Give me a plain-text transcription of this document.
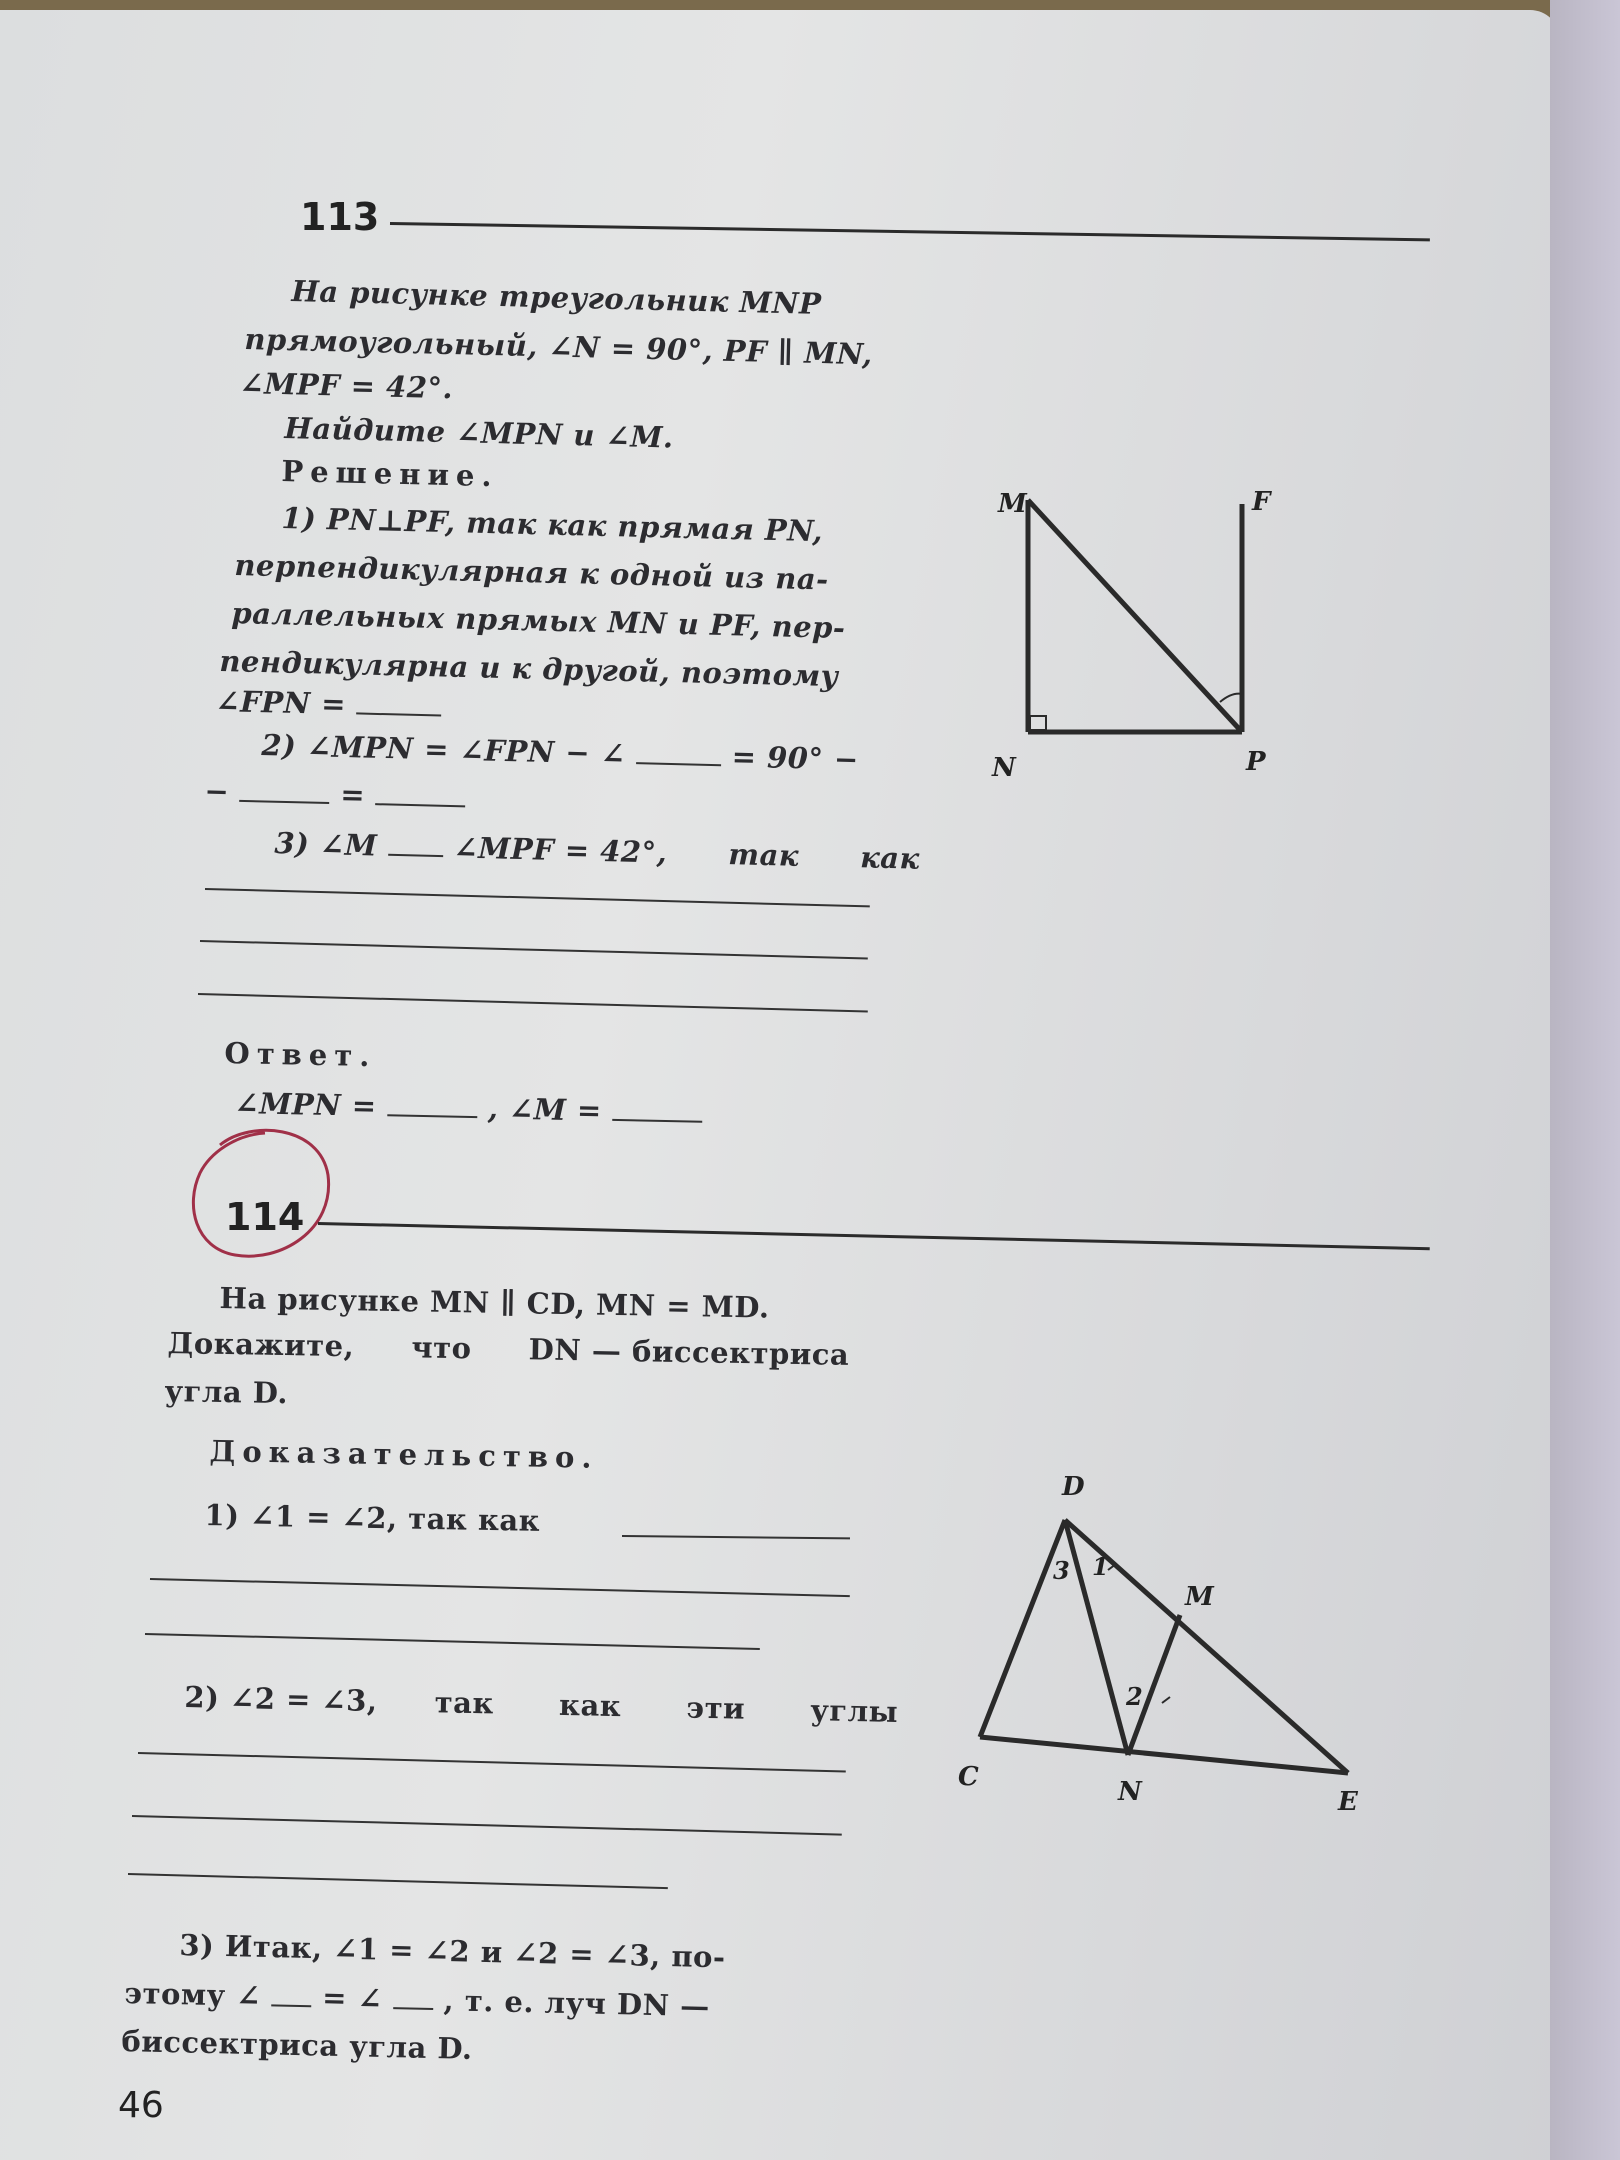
113
На рисунке треугольник MNP
прямоугольный, ∠N = 90°, PF ∥ MN,
∠MPF = 42°.
Найдите ∠MPN и ∠M.
Решение.
1) PN⊥PF, так как прямая PN,
перпендикулярная к одной из па-
раллельных прямых MN и PF, пер-
пендикулярна и к другой, поэтому
∠FPN =
2) ∠MPN = ∠FPN − ∠	= 90° −
−	=
3) ∠M	∠MPF = 42°, так как
Ответ.
∠MPN =	, ∠M =
M	F
N	P
114
На рисунке MN ∥ CD, MN = MD.
Докажите, что DN — биссектриса
угла D.
Доказательство.
1) ∠1 = ∠2, так как
2) ∠2 = ∠3, так как эти углы
3) Итак, ∠1 = ∠2 и ∠2 = ∠3, по-
этому ∠ = ∠ , т. е. луч DN —
биссектриса угла D.
D
M
C	N	E
1
3
2
46
